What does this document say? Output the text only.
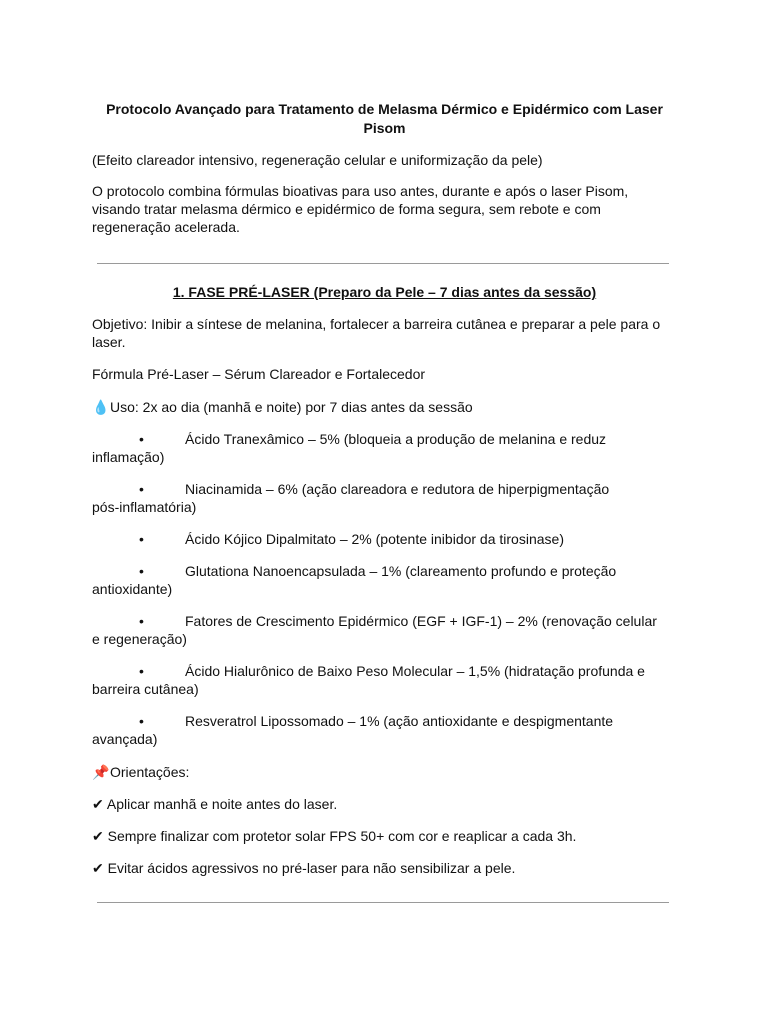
Protocolo Avançado para Tratamento de Melasma Dérmico e Epidérmico com Laser Pisom

(Efeito clareador intensivo, regeneração celular e uniformização da pele)

O protocolo combina fórmulas bioativas para uso antes, durante e após o laser Pisom, visando tratar melasma dérmico e epidérmico de forma segura, sem rebote e com regeneração acelerada.

1. FASE PRÉ-LASER (Preparo da Pele – 7 dias antes da sessão)

Objetivo: Inibir a síntese de melanina, fortalecer a barreira cutânea e preparar a pele para o laser.

Fórmula Pré-Laser – Sérum Clareador e Fortalecedor

💧Uso: 2x ao dia (manhã e noite) por 7 dias antes da sessão

•	Ácido Tranexâmico – 5% (bloqueia a produção de melanina e reduz
inflamação)
•	Niacinamida – 6% (ação clareadora e redutora de hiperpigmentação
pós-inflamatória)
•	Ácido Kójico Dipalmitato – 2% (potente inibidor da tirosinase)
•	Glutationa Nanoencapsulada – 1% (clareamento profundo e proteção
antioxidante)
•	Fatores de Crescimento Epidérmico (EGF + IGF-1) – 2% (renovação celular
e regeneração)
•	Ácido Hialurônico de Baixo Peso Molecular – 1,5% (hidratação profunda e
barreira cutânea)
•	Resveratrol Lipossomado – 1% (ação antioxidante e despigmentante
avançada)

📌Orientações:

✔ Aplicar manhã e noite antes do laser.

✔ Sempre finalizar com protetor solar FPS 50+ com cor e reaplicar a cada 3h.

✔ Evitar ácidos agressivos no pré-laser para não sensibilizar a pele.
